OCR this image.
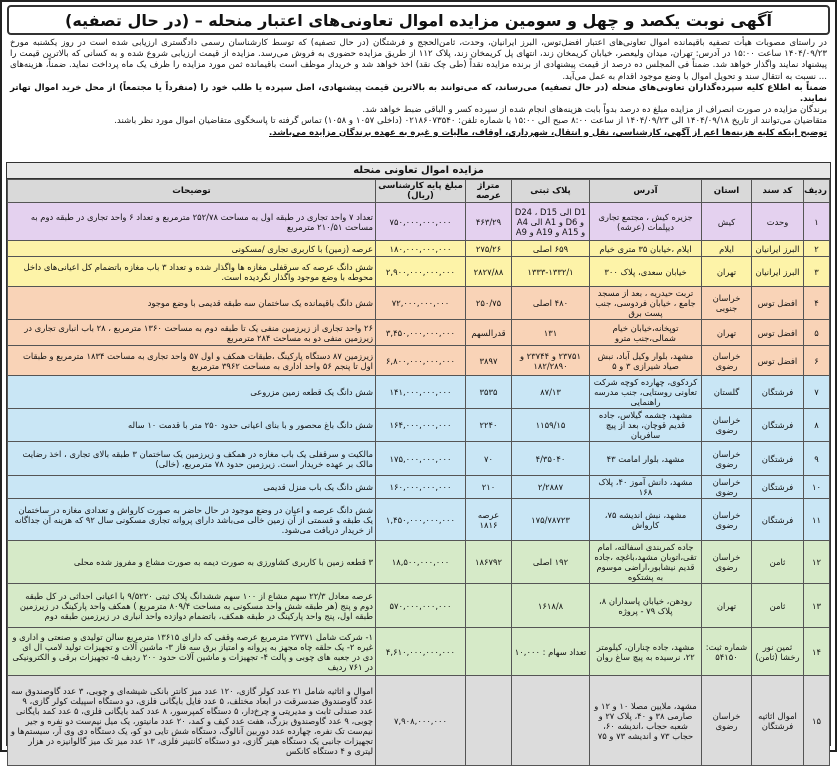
آگهی نوبت یکصد و چهل و سومین مزایده اموال تعاونی‌های اعتبار منحله – (در حال تصفیه)

در راستای مصوبات هیأت تصفیه باقیمانده اموال تعاونی‌های اعتبار افضل‌توس، البرز ایرانیان، وحدت، ثامن‌الحجج و فرشتگان (در حال تصفیه) که توسط کارشناسان رسمی دادگستری ارزیابی شده است در روز یکشنبه مورخ ۱۴۰۴/۰۹/۲۳ ساعت ۱۵:۰۰ در آدرس: تهران، میدان ولیعصر، خیابان کریمخان زند، انتهای پل کریمخان زند، پلاک ۱۱۲ از طریق مزایده حضوری به فروش می‌رسد. مزایده از قیمت ارزیابی شروع شده و به کسانی که بالاترین قیمت را پیشنهاد نمایند واگذار خواهد شد. ضمناً فی المجلس ده درصد از قیمت پیشنهادی از برنده مزایده نقداً (طی چک نقد) اخذ خواهد شد و خریدار موظف است باقیمانده ثمن مورد مزایده را ظرف یک ماه پرداخت نماید. ضمناً، هزینه‌های ... نسبت به انتقال سند و تحویل اموال با وضع موجود اقدام به عمل می‌آید.

ضمناً به اطلاع کلیه سپرده‌گذاران تعاونی‌های منحله (در حال تصفیه) می‌رساند، که می‌توانند به بالاترین قیمت پیشنهادی، اصل سپرده یا طلب خود را (منفرداً یا مجتمعاً) از محل خرید اموال تهاتر نمایند.

برندگان مزایده در صورت انصراف از مزایده مبلغ ده درصد بدواً بابت هزینه‌های انجام شده از سپرده کسر و الباقی ضبط خواهد شد.

متقاضیان می‌توانند از تاریخ ۱۴۰۴/۰۹/۱۸ الی ۱۴۰۴/۰۹/۲۳ از ساعت ۸:۰۰ صبح الی ۱۵:۰۰ با شماره تلفن: ۰۲۱۸۶۰۷۳۵۴۰ (داخلی ۱۰۵۷ و ۱۰۵۸) تماس گرفته تا پاسخگوی متقاضیان اموال مورد نظر باشند.

توضیح اینکه کلیه هزینه‌ها اعم از آگهی، کارشناسی، نقل و انتقال، شهرداری، اوقاف، مالیات و غیره به عهده برندگان مزایده می‌باشد.

مزایده اموال تعاونی منحله
ردیف	کد سند	استان	آدرس	پلاک ثبتی	متراژ عرصه	مبلغ پایه کارشناسی (ریال)	توضیحات
۱	وحدت	کیش	جزیره کیش ، مجتمع تجاری دیپلمات (عرشه)	D1 الی D24 ، D15 و D6 و A1 الی A4 و A15 و A19 و A9	۴۶۳/۲۹	۷۵۰,۰۰۰,۰۰۰,۰۰۰	تعداد ۷ واحد تجاری در طبقه اول به مساحت ۲۵۲/۷۸ مترمربع و تعداد ۶ واحد تجاری در طبقه دوم به مساحت ۲۱۰/۵۱ مترمربع
۲	البرز ایرانیان	ایلام	ایلام ،خیابان ۳۵ متری خیام	۶۵۹ اصلی	۲۷۵/۲۶	۱۸۰,۰۰۰,۰۰۰,۰۰۰	عرصه (زمین) با کاربری تجاری /مسکونی
۳	البرز ایرانیان	تهران	خیابان سعدی، پلاک ۳۰۰	۱۳۳۳-۱۳۳۲/۱	۲۸۲۷/۸۸	۲,۹۰۰,۰۰۰,۰۰۰,۰۰۰	شش دانگ عرصه که سرقفلی مغازه ها واگذار شده و تعداد ۳ باب مغازه باتضمام کل اعیانی‌های داخل محوطه با وضع موجود واگذار نگردیده است.
۴	افضل توس	خراسان جنوبی	تربت حیدریه ، بعد از مسجد جامع ، خیابان فردوسی، جنب پست برق	۴۸۰ اصلی	۲۵۰/۷۵	۷۲,۰۰۰,۰۰۰,۰۰۰	شش دانگ باقیمانده یک ساختمان سه طبقه قدیمی با وضع موجود
۵	افضل توس	تهران	توپخانه،خیابان خیام شمالی،جنب مترو	۱۳۱	قدرالسهم	۳,۴۵۰,۰۰۰,۰۰۰,۰۰۰	۲۶ واحد تجاری از زیرزمین منفی یک تا طبقه دوم به مساحت ۱۳۶۰ مترمربع ، ۲۸ باب انباری تجاری در زیرزمین منفی دو به مساحت ۲۸۴ مترمربع
۶	افضل توس	خراسان رضوی	مشهد، بلوار وکیل آباد، نبش صیاد شیرازی ۳ و ۵	۲۳۷۵۱ و ۲۳۷۴۴ و ۱۸۲/۲۸۹۰	۳۸۹۷	۶,۸۰۰,۰۰۰,۰۰۰,۰۰۰	زیرزمین ۸۷ دستگاه پارکینگ ،طبقات همکف و اول ۵۷ واحد تجاری به مساحت ۱۸۳۴ مترمربع و طبقات اول تا پنجم ۵۶ واحد اداری به مساحت ۳۹۶۲ مترمربع
۷	فرشتگان	گلستان	کردکوی، چهارده کوچه شرکت تعاونی روستایی، جنب مدرسه راهنمایی	۸۷/۱۳	۳۵۳۵	۱۴۱,۰۰۰,۰۰۰,۰۰۰	شش دانگ یک قطعه زمین مزروعی
۸	فرشتگان	خراسان رضوی	مشهد، چشمه گیلاس، جاده قدیم قوچان، بعد از پیچ سافریان	۱۱۵۹/۱۵	۲۲۴۰	۱۶۴,۰۰۰,۰۰۰,۰۰۰	شش دانگ باغ محصور و با بنای اعیانی حدود ۲۵۰ متر با قدمت ۱۰ ساله
۹	فرشتگان	خراسان رضوی	مشهد، بلوار امامت ۴۳	۴/۳۵۰۴۰	۷۰	۱۷۵,۰۰۰,۰۰۰,۰۰۰	مالکیت و سرقفلی یک باب مغازه در همکف و زیرزمین یک ساختمان ۳ طبقه بالای تجاری ، اخذ رضایت مالک بر عهده خریدار است. زیرزمین حدود ۷۸ مترمربع، (خالی)
۱۰	فرشتگان	خراسان رضوی	مشهد، دانش آموز ۴۰، پلاک ۱۶۸	۲/۲۸۸۷	۲۱۰	۱۶۰,۰۰۰,۰۰۰,۰۰۰	شش دانگ یک باب منزل قدیمی
۱۱	فرشتگان	خراسان رضوی	مشهد، نبش اندیشه ۷۵، کارواش	۱۷۵/۷۸۷۲۳	عرصه ۱۸۱۶	۱,۴۵۰,۰۰۰,۰۰۰,۰۰۰	شش دانگ عرصه و اعیان در وضع موجود در حال حاضر به صورت کارواش و تعدادی مغازه در ساختمان یک طبقه و قسمتی از آن زمین خالی می‌باشد دارای پروانه تجاری مسکونی سال ۹۲ که هزینه آن جداگانه از خریدار دریافت می‌شود.
۱۲	ثامن	خراسان رضوی	جاده کمربندی اسفالته، امام تقی،اتوبان مشهد،باغچه ،جاده قدیم نیشابور،اراضی موسوم به پشتکوه	۱۹۲ اصلی	۱۸۶۷۹۲	۱۸,۵۰۰,۰۰۰,۰۰۰	۳ قطعه زمین با کاربری کشاورزی به صورت دیمه به صورت مشاع و مفروز شده محلی
۱۳	ثامن	تهران	رودهن، خیابان پاسداران ۸، پلاک ۷۹ - پروژه	۱۶۱۸/۸		۵۷۰,۰۰۰,۰۰۰,۰۰۰	عرصه معادل ۲۲/۳ سهم مشاع از ۱۰۰ سهم ششدانگ پلاک ثبتی ۹/۵۲۲۰ با اعیانی احداثی در کل طبقه دوم و پنج (هر طبقه شش واحد مسکونی به مساحت ۸۰۹/۴ مترمربع ) همکف واحد پارکینگ در زیرزمین طبقه اول، پنج واحد پارکینگ در طبقه همکف، باتضمام دوازده واحد انباری در زیرزمین طبقه دوم
۱۴	ثمین نور رخشا (ثامن)	شماره ثبت: ۵۴۱۵۰	مشهد، جاده چناران، کیلومتر ۲۲، نرسیده به پیچ ساغ روان	تعداد سهام : ۱۰,۰۰۰		۴,۶۱۰,۰۰۰,۰۰۰,۰۰۰	۱- شرکت شامل ۲۷۳۷۱ مترمربع عرصه وقفی که دارای ۱۳۶۱۵ مترمربع سالن تولیدی و صنعتی و اداری و غیره ۲- یک حلقه چاه مجهز به پروانه و امتیاز برق سه فاز ۳- ماشین آلات و تجهیزات تولید لامپ ال ای دی در جعبه های چوبی و پالت ۴- تجهیزات و ماشین آلات حدود ۲۰۰ ردیف ۵- تجهیزات برقی و الکترونیکی در ۷۶۱ ردیف
۱۵	اموال اثاثیه فرشتگان	خراسان رضوی	مشهد، ملایین مصلا ۱۰ و ۱۲ و صارمی ۳۸ و ۴۰، پلاک ۲۷ و شعبه حجاب ،اندیشه ۶۰، حجاب ۷۳ و اندیشه ۷۳ و ۷۵			۷,۹۰۸,۰۰۰,۰۰۰	اموال و اثاثیه شامل ۲۱ عدد کولر گازی، ۱۲۰ عدد میز کانتر بانکی شیشه‌ای و چوبی، ۳ عدد گاوصندوق سه عدد گاوصندوق ضدسرقت در ابعاد مختلف، ۵ عدد فایل بایگانی فلزی، دو دستگاه اسپیلت کولر گازی، ۹ عدد صندلی ثابت و مدیریتی و چرخ‌دار، ۵ دستگاه کمپرسور، ۸ عدد کمد بایگانی فلزی، ۵ عدد کمد بایگانی چوبی، ۹ عدد گاوصندوق بزرگ، هفت عدد کیف و کمد، ۲۰ عدد مانیتور، یک میل نیم‌ست دو نفره و جیر نیم‌ست تک نفره، چهارده عدد دوربین آنالوگ، دستگاه شش تایی دو کو، یک دستگاه دی وی آر، سیستم‌ها و تجهیزات جانبی یک دستگاه هیتر گازی، دو دستگاه کانتینر فلزی، ۱۳ عدد میز تک میز گالوانیزه در هزار لیتری و ۴ دستگاه کانکس
